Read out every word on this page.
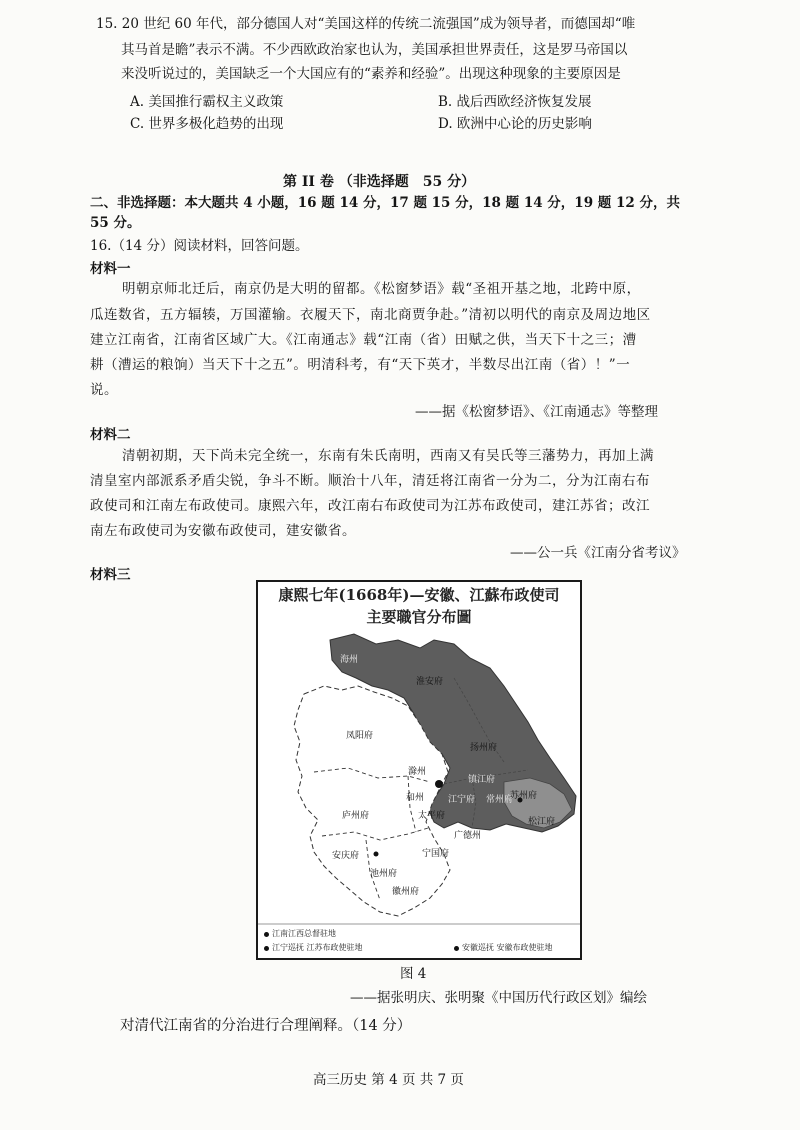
15. 20 世纪 60 年代，部分德国人对“美国这样的传统二流强国”成为领导者，而德国却“唯
其马首是瞻”表示不满。不少西欧政治家也认为，美国承担世界责任，这是罗马帝国以
来没听说过的，美国缺乏一个大国应有的“素养和经验”。出现这种现象的主要原因是
A. 美国推行霸权主义政策	B. 战后西欧经济恢复发展
C. 世界多极化趋势的出现	D. 欧洲中心论的历史影响
第 II 卷 （非选择题　55 分）
二、非选择题：本大题共 4 小题，16 题 14 分，17 题 15 分，18 题 14 分，19 题 12 分，共
55 分。
16.（14 分）阅读材料，回答问题。
材料一
明朝京师北迁后，南京仍是大明的留都。《松窗梦语》载“圣祖开基之地，北跨中原，
瓜连数省，五方辐辏，万国灌输。衣履天下，南北商贾争赴。”清初以明代的南京及周边地区
建立江南省，江南省区域广大。《江南通志》载“江南（省）田赋之供，当天下十之三；漕
耕（漕运的粮饷）当天下十之五”。明清科考，有“天下英才，半数尽出江南（省）！”一
说。
——据《松窗梦语》、《江南通志》等整理
材料二
清朝初期，天下尚未完全统一，东南有朱氏南明，西南又有吴氏等三藩势力，再加上满
清皇室内部派系矛盾尖锐，争斗不断。顺治十八年，清廷将江南省一分为二，分为江南右布
政使司和江南左布政使司。康熙六年，改江南右布政使司为江苏布政使司，建江苏省；改江
南左布政使司为安徽布政使司，建安徽省。
——公一兵《江南分省考议》
材料三
康熙七年(1668年)—安徽、江蘇布政使司
主要職官分布圖
海州
淮安府
凤阳府
扬州府
滁州
和州
庐州府
江宁府
镇江府
常州府
苏州府
松江府
太平府
池州府
安庆府	宁国府
徽州府
广德州
江南江西总督驻地
江宁巡抚 江苏布政使驻地	安徽巡抚 安徽布政使驻地
图 4
——据张明庆、张明聚《中国历代行政区划》编绘
对清代江南省的分治进行合理阐释。（14 分）
高三历史 第 4 页 共 7 页
